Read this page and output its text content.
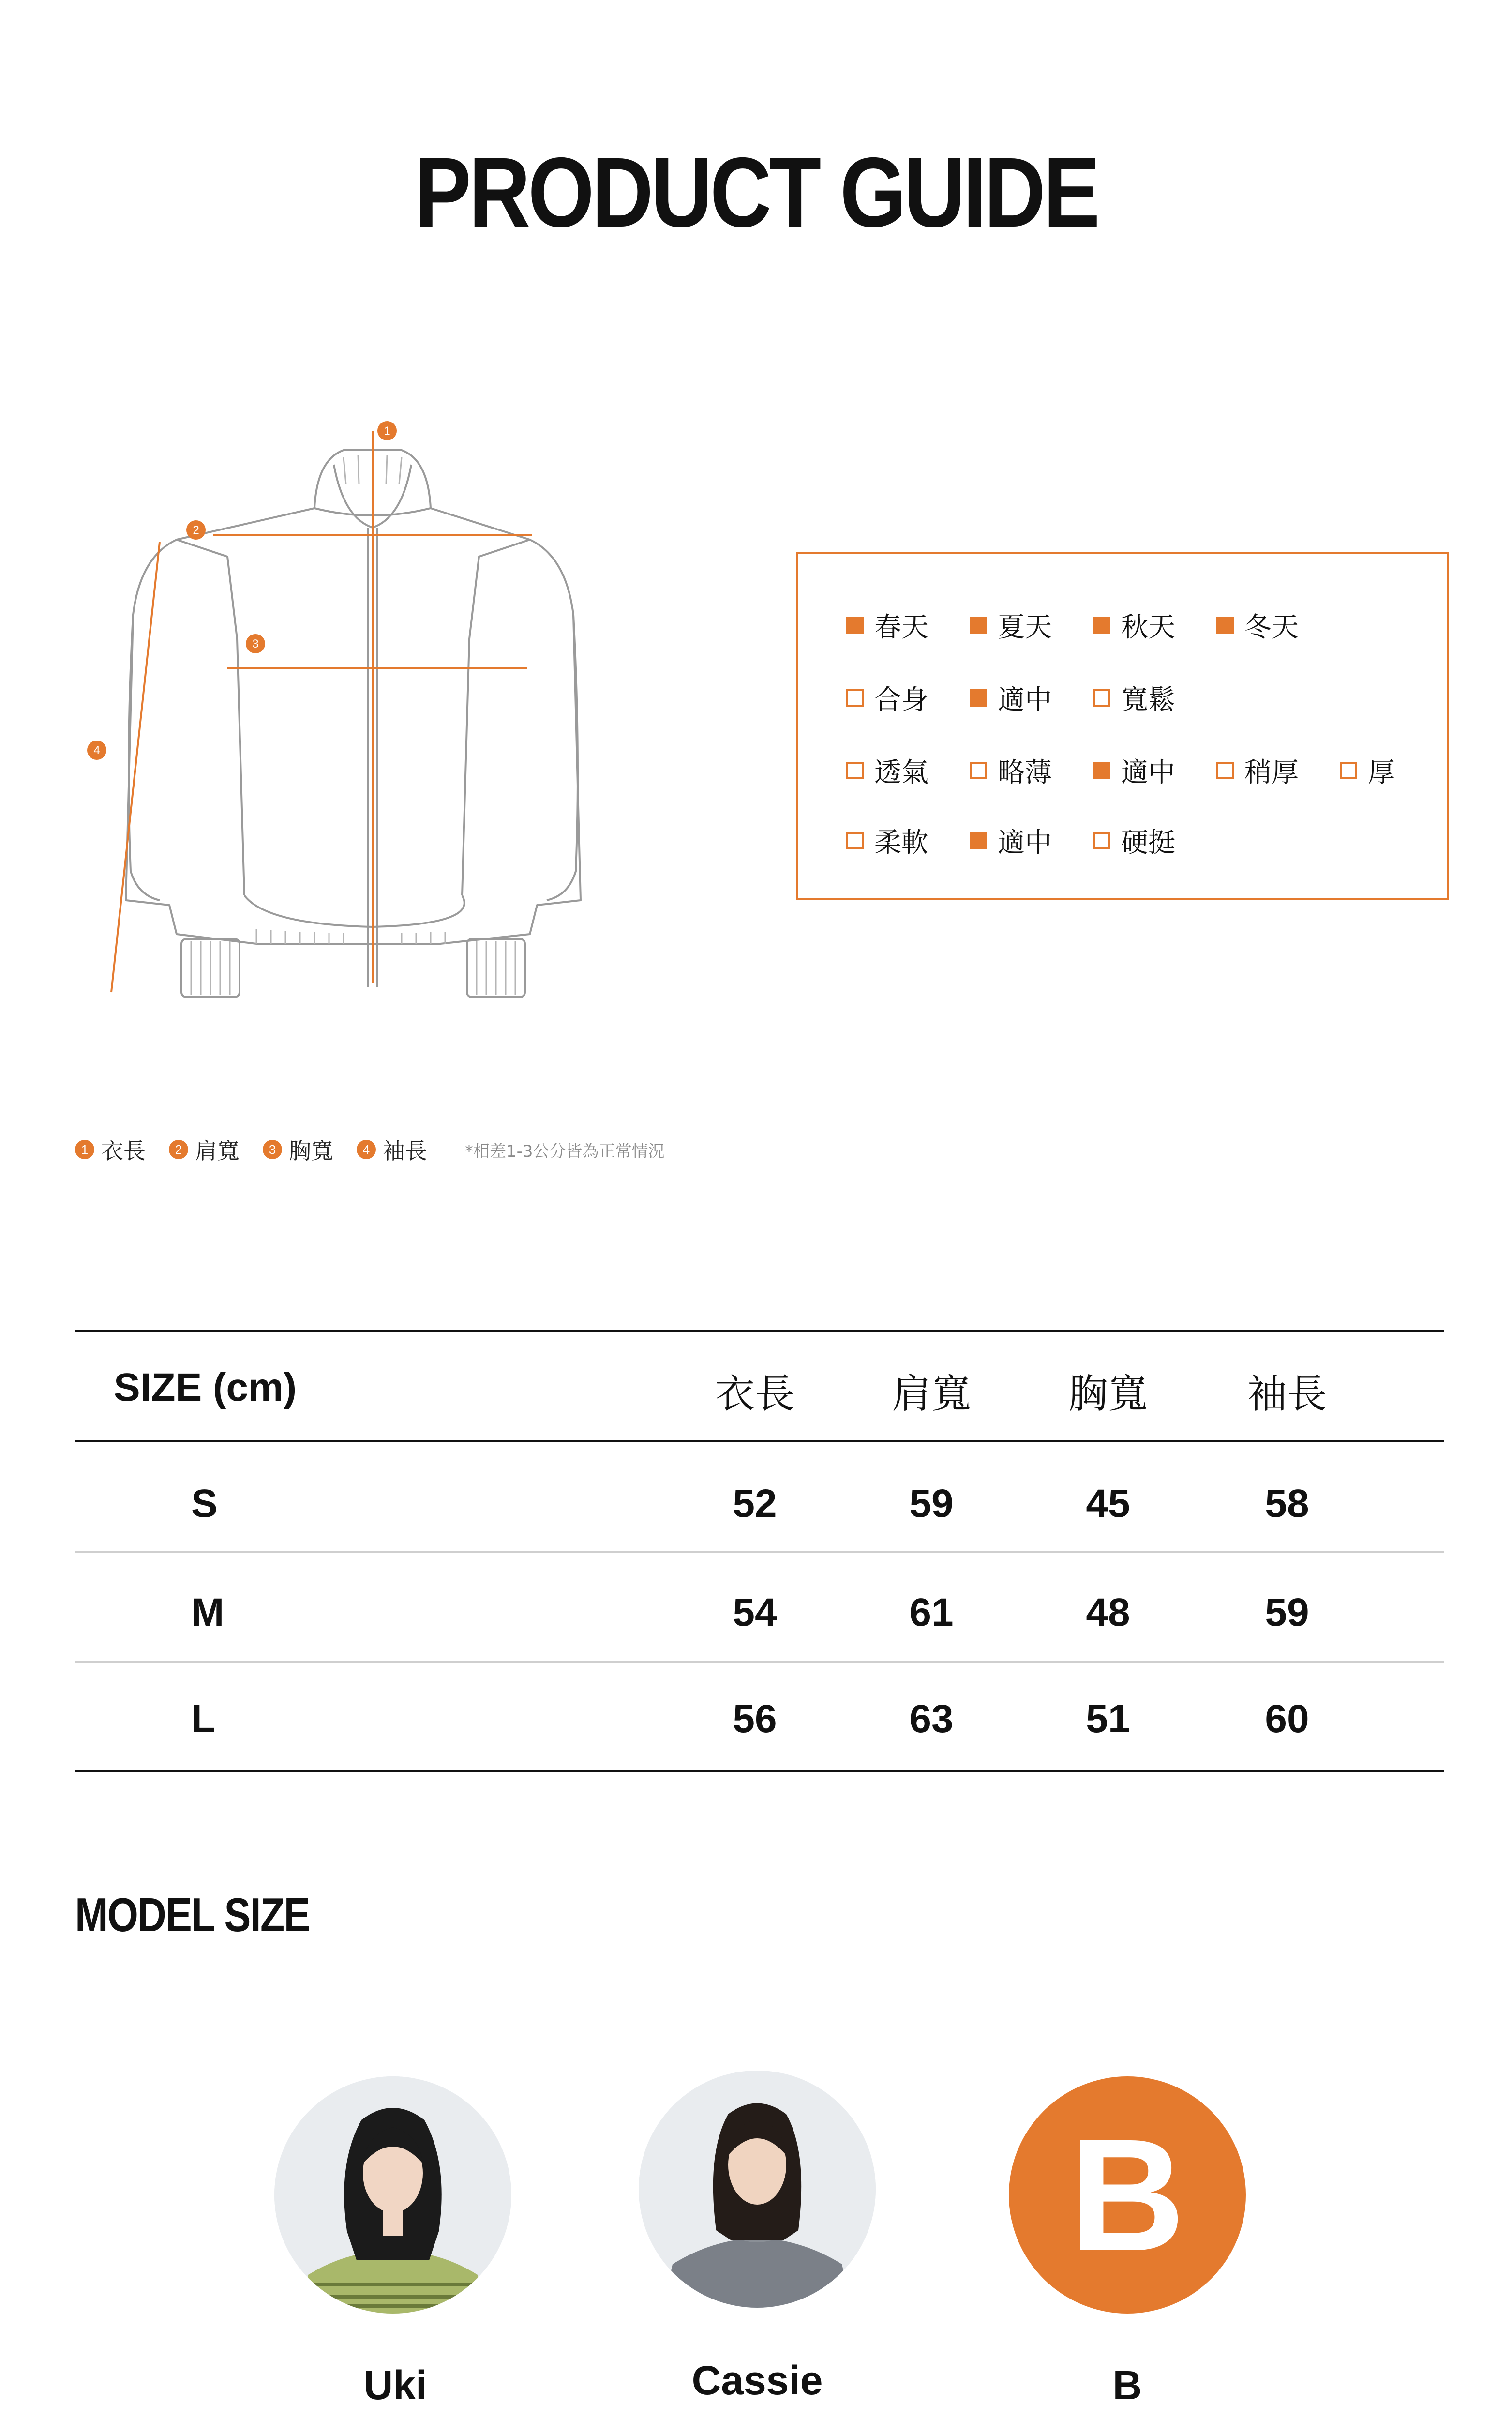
PRODUCT GUIDE
1
2
3
4
春天	夏天	秋天	冬天
合身	適中	寬鬆
透氣	略薄	適中	稍厚	厚
柔軟	適中	硬挺
1 衣長	2 肩寬	3 胸寬	4 袖長 *相差1-3公分皆為正常情況
SIZE (cm)	衣長	肩寬	胸寬	袖長
S	52	59	45	58
M	54	61	48	59
L	56	63	51	60
MODEL SIZE
Uki	Cassie
B
B
